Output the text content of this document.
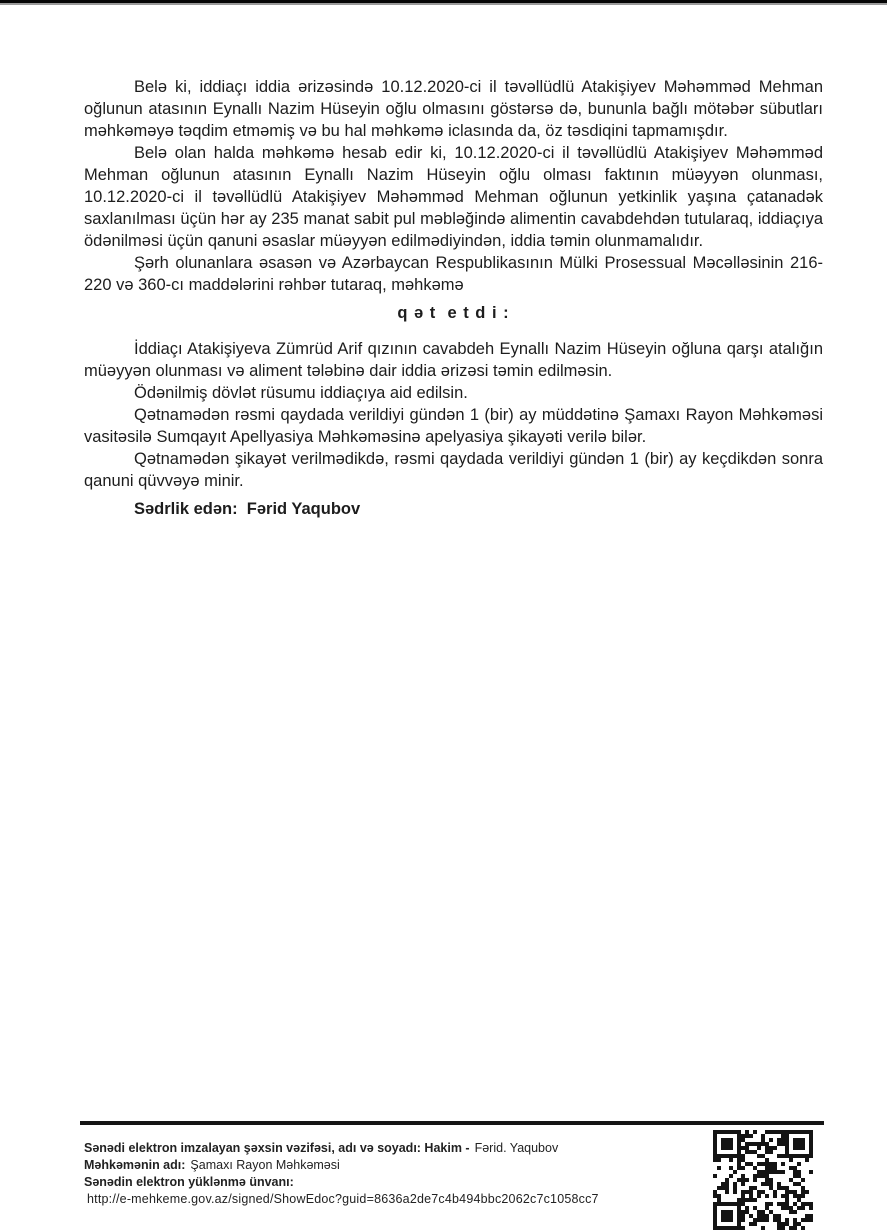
Belə ki, iddiaçı iddia ərizəsində 10.12.2020-ci il təvəllüdlü Atakişiyev Məhəmməd Mehman oğlunun atasının Eynallı Nazim Hüseyin oğlu olmasını göstərsə də, bununla bağlı mötəbər sübutları məhkəməyə təqdim etməmiş və bu hal məhkəmə iclasında da, öz təsdiqini tapmamışdır.

Belə olan halda məhkəmə hesab edir ki, 10.12.2020-ci il təvəllüdlü Atakişiyev Məhəmməd Mehman oğlunun atasının Eynallı Nazim Hüseyin oğlu olması faktının müəyyən olunması, 10.12.2020-ci il təvəllüdlü Atakişiyev Məhəmməd Mehman oğlunun yetkinlik yaşına çatanadək saxlanılması üçün hər ay 235 manat sabit pul məbləğində alimentin cavabdehdən tutularaq, iddiaçıya ödənilməsi üçün qanuni əsaslar müəyyən edilmədiyindən, iddia təmin olunmamalıdır.

Şərh olunanlara əsasən və Azərbaycan Respublikasının Mülki Prosessual Məcəlləsinin 216-220 və 360-cı maddələrini rəhbər tutaraq, məhkəmə

q ə t  e t d i :

İddiaçı Atakişiyeva Zümrüd Arif qızının cavabdeh Eynallı Nazim Hüseyin oğluna qarşı atalığın müəyyən olunması və aliment tələbinə dair iddia ərizəsi təmin edilməsin.

Ödənilmiş dövlət rüsumu iddiaçıya aid edilsin.

Qətnamədən rəsmi qaydada verildiyi gündən 1 (bir) ay müddətinə Şamaxı Rayon Məhkəməsi vasitəsilə Sumqayıt Apellyasiya Məhkəməsinə apelyasiya şikayəti verilə bilər.

Qətnamədən şikayət verilmədikdə, rəsmi qaydada verildiyi gündən 1 (bir) ay keçdikdən sonra qanuni qüvvəyə minir.

Sədrlik edən:  Fərid Yaqubov

Sənədi elektron imzalayan şəxsin vəzifəsi, adı və soyadı: Hakim - Fərid. Yaqubov
Məhkəmənin adı: Şamaxı Rayon Məhkəməsi
Sənədin elektron yüklənmə ünvanı:
http://e-mehkeme.gov.az/signed/ShowEdoc?guid=8636a2de7c4b494bbc2062c7c1058cc7
